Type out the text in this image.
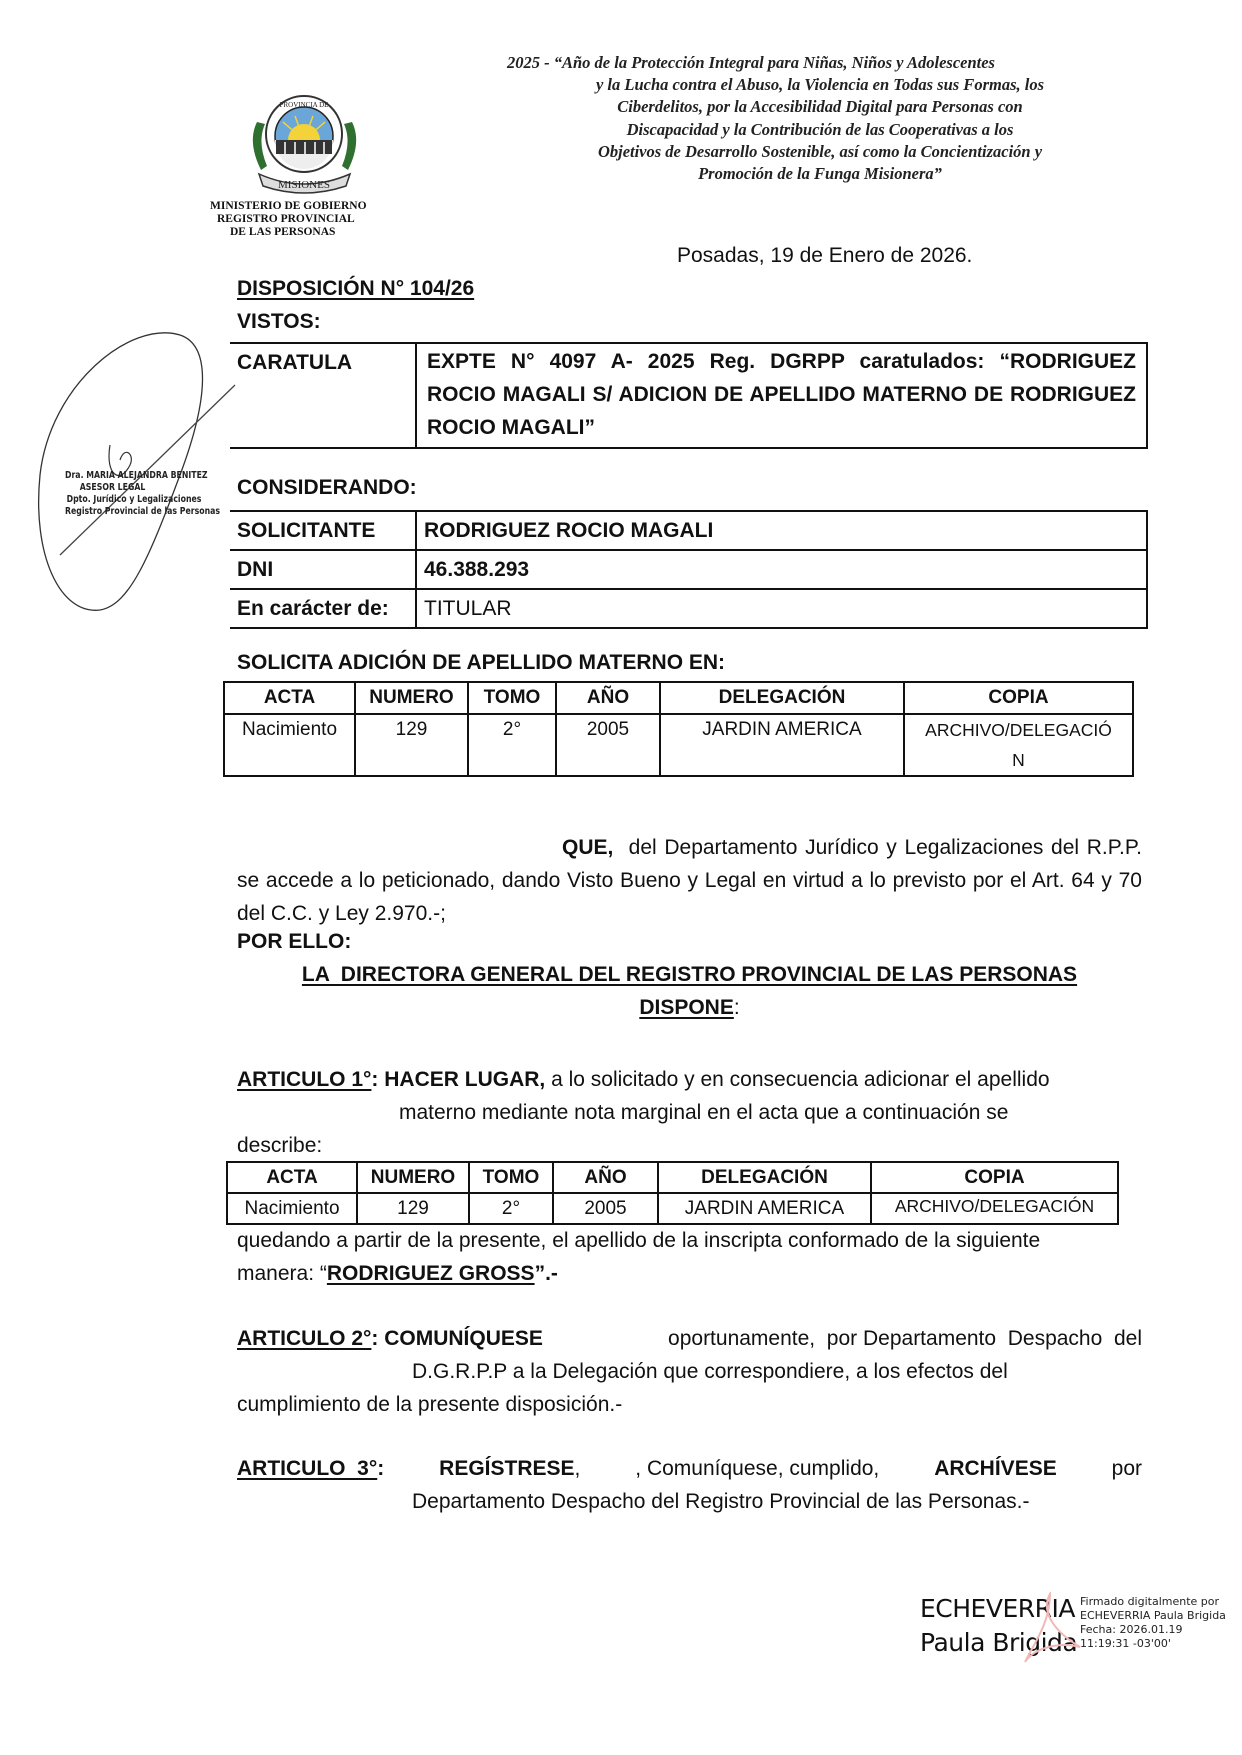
MISIONES
PROVINCIA DE
MINISTERIO DE GOBIERNO
REGISTRO PROVINCIAL
DE LAS PERSONAS
2025 - “Año de la Protección Integral para Niñas, Niños y Adolescentes
y la Lucha contra el Abuso, la Violencia en Todas sus Formas, los
Ciberdelitos, por la Accesibilidad Digital para Personas con
Discapacidad y la Contribución de las Cooperativas a los
Objetivos de Desarrollo Sostenible, así como la Concientización y
Promoción de la Funga Misionera”
Posadas, 19 de Enero de 2026.
DISPOSICIÓN N° 104/26
VISTOS:
CARATULA	EXPTE N° 4097 A- 2025 Reg. DGRPP caratulados: “RODRIGUEZ ROCIO MAGALI S/ ADICION DE APELLIDO MATERNO DE RODRIGUEZ ROCIO MAGALI”
CONSIDERANDO:
SOLICITANTE	RODRIGUEZ ROCIO MAGALI
DNI	46.388.293
En carácter de:	TITULAR
SOLICITA ADICIÓN DE APELLIDO MATERNO EN:
ACTA	NUMERO	TOMO	AÑO	DELEGACIÓN	COPIA
Nacimiento	129	2°	2005	JARDIN AMERICA	ARCHIVO/DELEGACIÓN
QUE, del Departamento Jurídico y Legalizaciones del R.P.P. se accede a lo peticionado, dando Visto Bueno y Legal en virtud a lo previsto por el Art. 64 y 70 del C.C. y Ley 2.970.-;
POR ELLO:
LA  DIRECTORA GENERAL DEL REGISTRO PROVINCIAL DE LAS PERSONAS
DISPONE:
ARTICULO 1°: HACER LUGAR, a lo solicitado y en consecuencia adicionar el apellido
materno mediante nota marginal en el acta que a continuación se
describe:
ACTA	NUMERO	TOMO	AÑO	DELEGACIÓN	COPIA
Nacimiento	129	2°	2005	JARDIN AMERICA	ARCHIVO/DELEGACIÓN
quedando a partir de la presente, el apellido de la inscripta conformado de la siguiente
manera: “RODRIGUEZ GROSS”.-
ARTICULO 2°: COMUNÍQUESE	oportunamente,  por Departamento  Despacho  del
D.G.R.P.P a la Delegación que correspondiere, a los efectos del
cumplimiento de la presente disposición.-
ARTICULO  3°:	REGÍSTRESE,	, Comuníquese, cumplido,	ARCHÍVESE	por
Departamento Despacho del Registro Provincial de las Personas.-
Dra. MARIA ALEJANDRA BENITEZ
ASESOR LEGAL
Dpto. Jurídico y Legalizaciones
Registro Provincial de las Personas
ECHEVERRIA
Paula Brigida
Firmado digitalmente por
ECHEVERRIA Paula Brigida
Fecha: 2026.01.19
11:19:31 -03'00'
